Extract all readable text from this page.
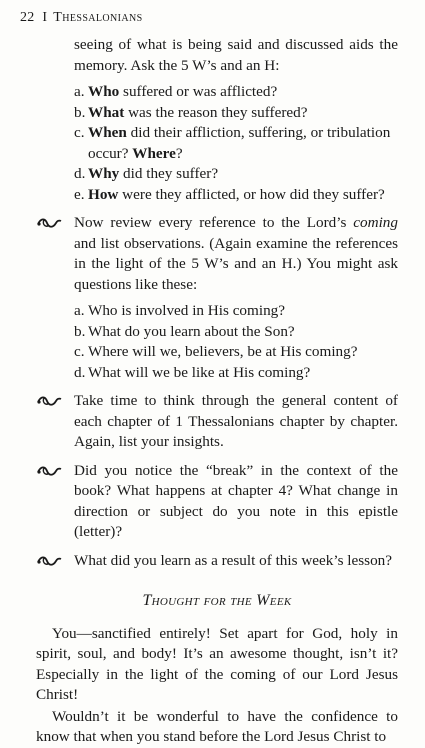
22 I Thessalonians

seeing of what is being said and discussed aids the memory. Ask the 5 W’s and an H:

a. Who suffered or was afflicted?
b. What was the reason they suffered?
c. When did their affliction, suffering, or tribulation occur? Where?
d. Why did they suffer?
e. How were they afflicted, or how did they suffer?

Now review every reference to the Lord’s coming and list observations. (Again examine the references in the light of the 5 W’s and an H.) You might ask questions like these:

a. Who is involved in His coming?
b. What do you learn about the Son?
c. Where will we, believers, be at His coming?
d. What will we be like at His coming?

Take time to think through the general content of each chapter of 1 Thessalonians chapter by chapter. Again, list your insights.

Did you notice the “break” in the context of the book? What happens at chapter 4? What change in direction or subject do you note in this epistle (letter)?

What did you learn as a result of this week’s lesson?

Thought for the Week

You—sanctified entirely! Set apart for God, holy in spirit, soul, and body! It’s an awesome thought, isn’t it? Especially in the light of the coming of our Lord Jesus Christ!

Wouldn’t it be wonderful to have the confidence to know that when you stand before the Lord Jesus Christ to
